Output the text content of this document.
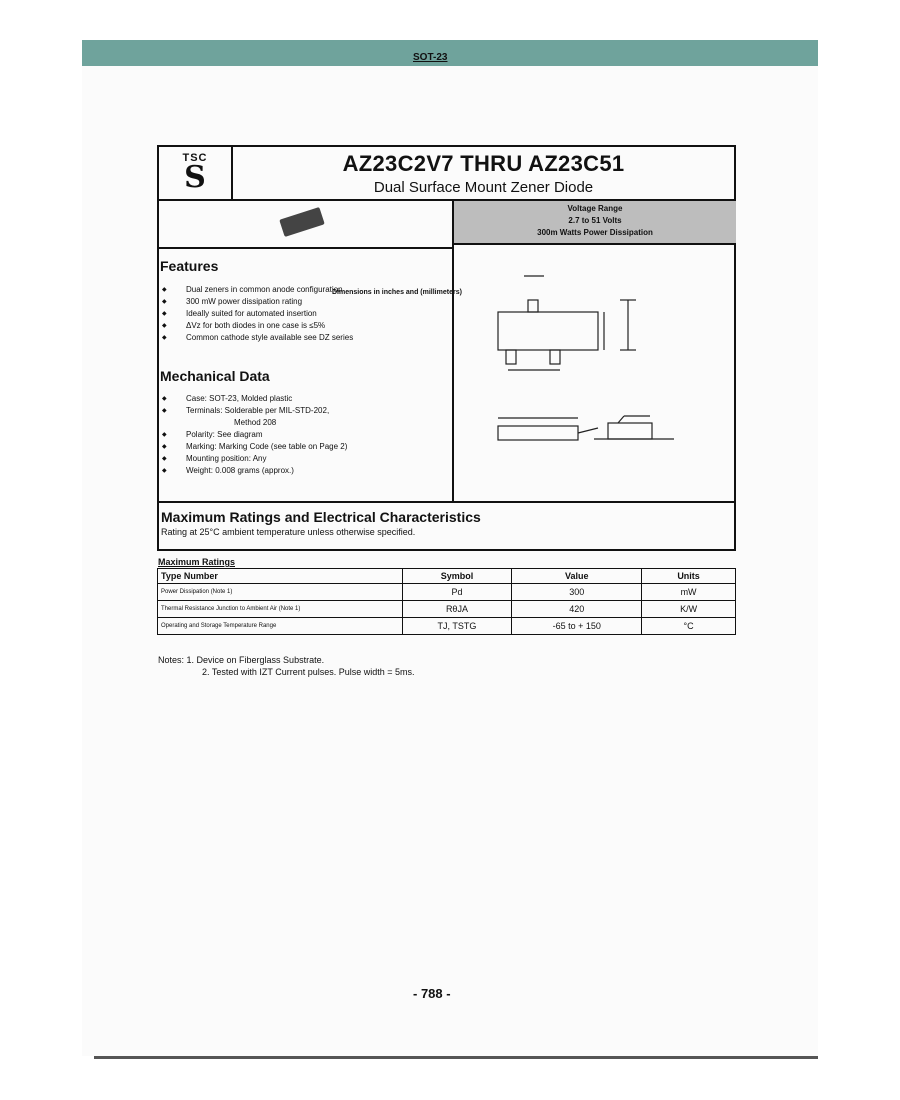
TSC
S	AZ23C2V7 THRU AZ23C51
Dual Surface Mount Zener Diode
Voltage Range
2.7 to 51 Volts
300m Watts Power Dissipation
SOT-23
Dimensions in inches and (millimeters)
Features
◆ Dual zeners in common anode configuration
◆ 300 mW power dissipation rating
◆ Ideally suited for automated insertion
◆ ΔVz for both diodes in one case is ≤5%
◆ Common cathode style available see DZ series
Mechanical Data
◆ Case: SOT-23, Molded plastic
◆ Terminals: Solderable per MIL-STD-202,
Method 208
◆ Polarity: See diagram
◆ Marking: Marking Code (see table on Page 2)
◆ Mounting position: Any
◆ Weight: 0.008 grams (approx.)
Maximum Ratings and Electrical Characteristics
Rating at 25°C ambient temperature unless otherwise specified.
Maximum Ratings
Type Number	Symbol	Value	Units
Power Dissipation (Note 1)	Pd	300	mW
Thermal Resistance Junction to Ambient Air (Note 1)	RθJA	420	K/W
Operating and Storage Temperature Range	TJ, TSTG	-65 to + 150	°C
Notes: 1. Device on Fiberglass Substrate.
2. Tested with IZT Current pulses. Pulse width = 5ms.
- 788 -
